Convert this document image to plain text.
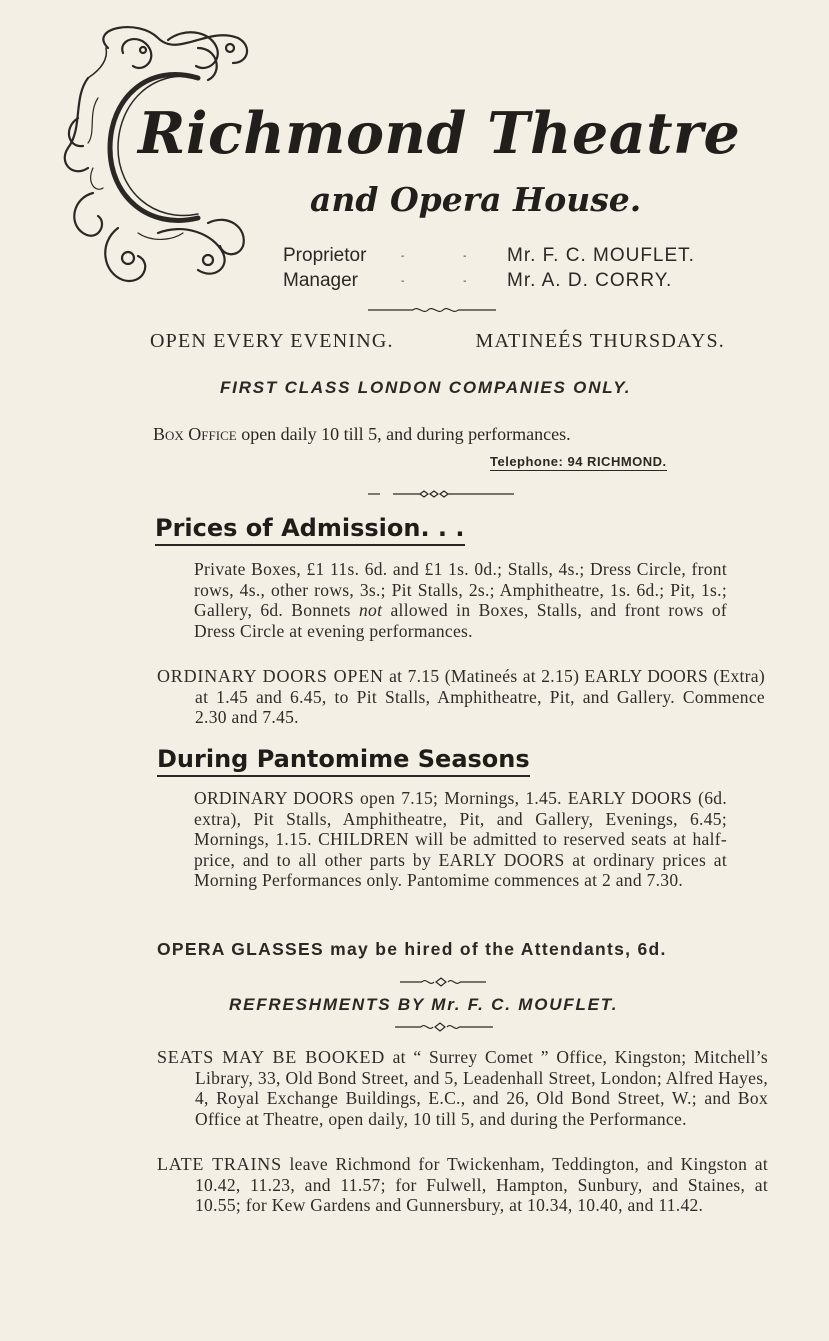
Richmond Theatre
and Opera House.
Proprietor	- - Mr. F. C. MOUFLET.
Manager	- - Mr. A. D. CORRY.
OPEN EVERY EVENING.	MATINEÉS THURSDAYS.
FIRST CLASS LONDON COMPANIES ONLY.
Box Office open daily 10 till 5, and during performances.
Telephone: 94 RICHMOND.
Prices of Admission. . .
Private Boxes, £1 11s. 6d. and £1 1s. 0d.; Stalls, 4s.; Dress Circle, front rows, 4s., other rows, 3s.; Pit Stalls, 2s.; Amphitheatre, 1s. 6d.; Pit, 1s.; Gallery, 6d. Bonnets not allowed in Boxes, Stalls, and front rows of Dress Circle at evening performances.
ORDINARY DOORS OPEN at 7.15 (Matineés at 2.15) EARLY DOORS (Extra) at 1.45 and 6.45, to Pit Stalls, Amphitheatre, Pit, and Gallery. Commence 2.30 and 7.45.
During Pantomime Seasons
ORDINARY DOORS open 7.15; Mornings, 1.45. EARLY DOORS (6d. extra), Pit Stalls, Amphitheatre, Pit, and Gallery, Evenings, 6.45; Mornings, 1.15. CHILDREN will be admitted to reserved seats at half-price, and to all other parts by EARLY DOORS at ordinary prices at Morning Performances only. Pantomime commences at 2 and 7.30.
OPERA GLASSES may be hired of the Attendants, 6d.
REFRESHMENTS BY Mr. F. C. MOUFLET.
SEATS MAY BE BOOKED at “ Surrey Comet ” Office, Kingston; Mitchell’s Library, 33, Old Bond Street, and 5, Leadenhall Street, London; Alfred Hayes, 4, Royal Exchange Buildings, E.C., and 26, Old Bond Street, W.; and Box Office at Theatre, open daily, 10 till 5, and during the Performance.
LATE TRAINS leave Richmond for Twickenham, Teddington, and Kingston at 10.42, 11.23, and 11.57; for Fulwell, Hampton, Sunbury, and Staines, at 10.55; for Kew Gardens and Gunnersbury, at 10.34, 10.40, and 11.42.
